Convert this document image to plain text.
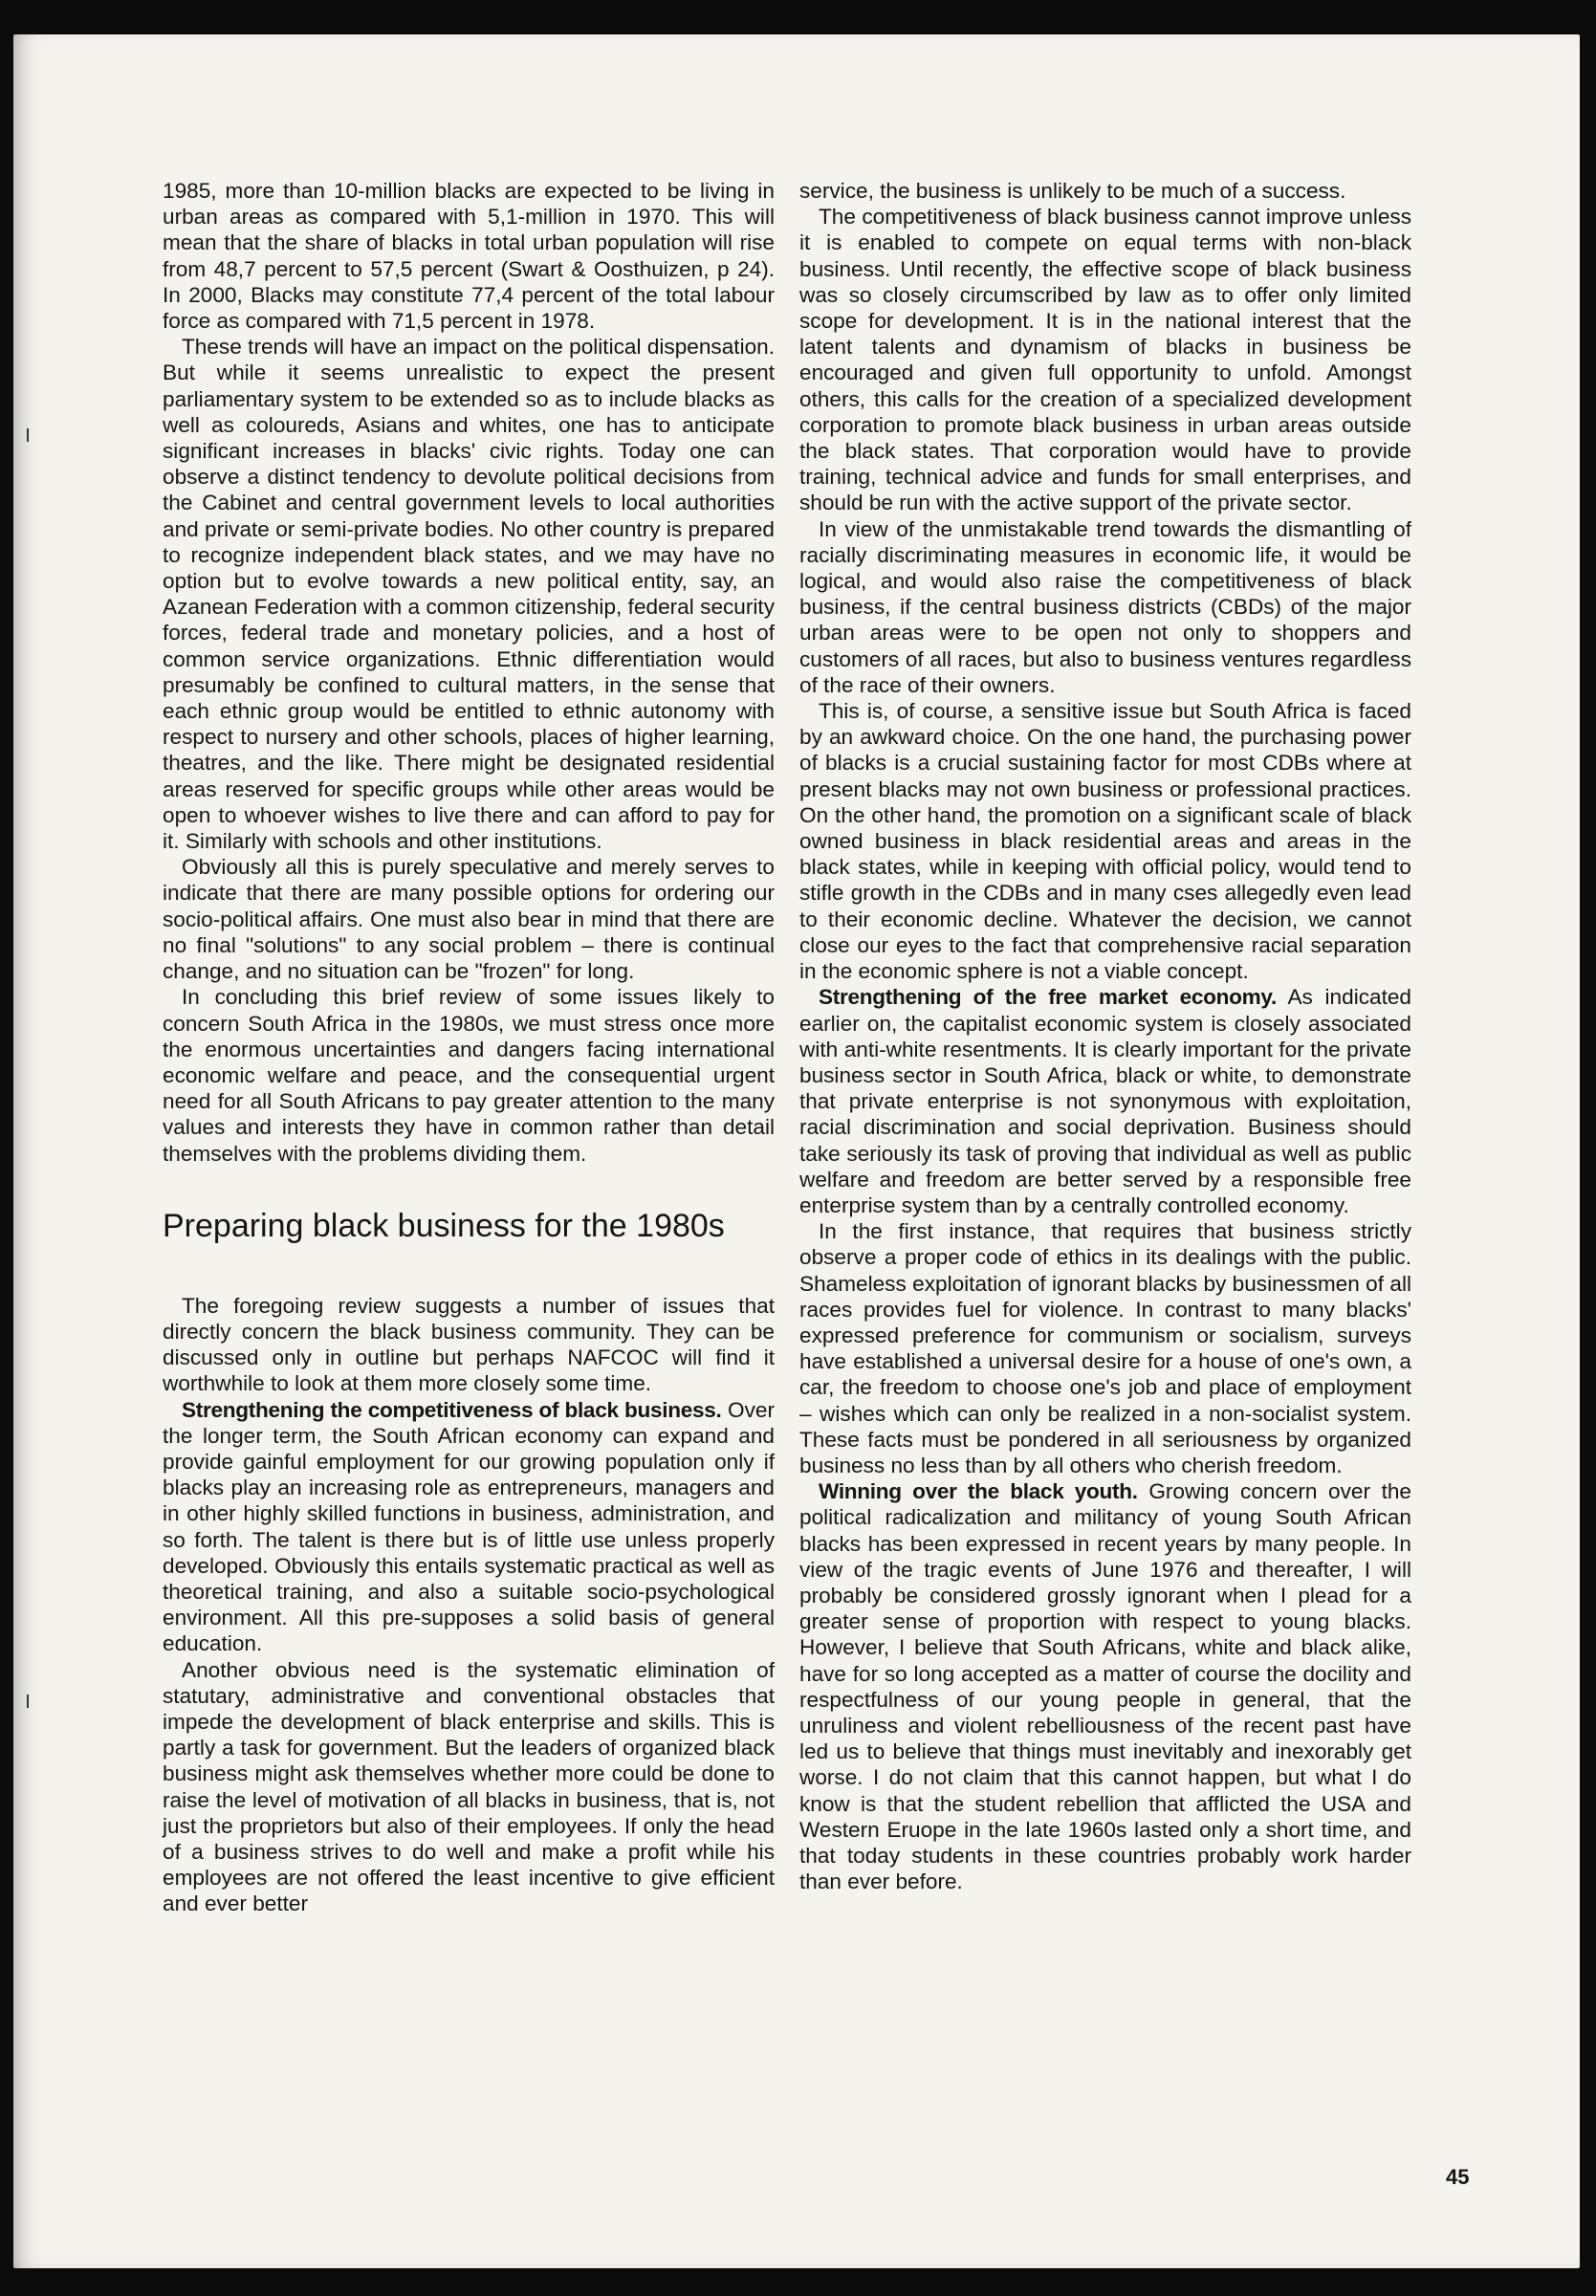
1985, more than 10-million blacks are expected to be living in urban areas as compared with 5,1-million in 1970. This will mean that the share of blacks in total urban population will rise from 48,7 percent to 57,5 percent (Swart & Oosthuizen, p 24). In 2000, Blacks may constitute 77,4 percent of the total labour force as compared with 71,5 percent in 1978.

These trends will have an impact on the political dispensation. But while it seems unrealistic to expect the present parliamentary system to be extended so as to include blacks as well as coloureds, Asians and whites, one has to anticipate significant increases in blacks' civic rights. Today one can observe a distinct tendency to devolute political decisions from the Cabinet and central government levels to local authorities and private or semi-private bodies. No other country is prepared to recognize independent black states, and we may have no option but to evolve towards a new political entity, say, an Azanean Federation with a common citizenship, federal security forces, federal trade and monetary policies, and a host of common service organizations. Ethnic differentiation would presumably be confined to cultural matters, in the sense that each ethnic group would be entitled to ethnic autonomy with respect to nursery and other schools, places of higher learning, theatres, and the like. There might be designated residential areas reserved for specific groups while other areas would be open to whoever wishes to live there and can afford to pay for it. Similarly with schools and other institutions.

Obviously all this is purely speculative and merely serves to indicate that there are many possible options for ordering our socio-political affairs. One must also bear in mind that there are no final "solutions" to any social problem – there is continual change, and no situation can be "frozen" for long.

In concluding this brief review of some issues likely to concern South Africa in the 1980s, we must stress once more the enormous uncertainties and dangers facing international economic welfare and peace, and the consequential urgent need for all South Africans to pay greater attention to the many values and interests they have in common rather than detail themselves with the problems dividing them.

Preparing black business for the 1980s

The foregoing review suggests a number of issues that directly concern the black business community. They can be discussed only in outline but perhaps NAFCOC will find it worthwhile to look at them more closely some time.

Strengthening the competitiveness of black business. Over the longer term, the South African economy can expand and provide gainful employment for our growing population only if blacks play an increasing role as entrepreneurs, managers and in other highly skilled functions in business, administration, and so forth. The talent is there but is of little use unless properly developed. Obviously this entails systematic practical as well as theoretical training, and also a suitable socio-psychological environment. All this pre-supposes a solid basis of general education.

Another obvious need is the systematic elimination of statutary, administrative and conventional obstacles that impede the development of black enterprise and skills. This is partly a task for government. But the leaders of organized black business might ask themselves whether more could be done to raise the level of motivation of all blacks in business, that is, not just the proprietors but also of their employees. If only the head of a business strives to do well and make a profit while his employees are not offered the least incentive to give efficient and ever better

service, the business is unlikely to be much of a success.

The competitiveness of black business cannot improve unless it is enabled to compete on equal terms with non-black business. Until recently, the effective scope of black business was so closely circumscribed by law as to offer only limited scope for development. It is in the national interest that the latent talents and dynamism of blacks in business be encouraged and given full opportunity to unfold. Amongst others, this calls for the creation of a specialized development corporation to promote black business in urban areas outside the black states. That corporation would have to provide training, technical advice and funds for small enterprises, and should be run with the active support of the private sector.

In view of the unmistakable trend towards the dismantling of racially discriminating measures in economic life, it would be logical, and would also raise the competitiveness of black business, if the central business districts (CBDs) of the major urban areas were to be open not only to shoppers and customers of all races, but also to business ventures regardless of the race of their owners.

This is, of course, a sensitive issue but South Africa is faced by an awkward choice. On the one hand, the purchasing power of blacks is a crucial sustaining factor for most CDBs where at present blacks may not own business or professional practices. On the other hand, the promotion on a significant scale of black owned business in black residential areas and areas in the black states, while in keeping with official policy, would tend to stifle growth in the CDBs and in many cses allegedly even lead to their economic decline. Whatever the decision, we cannot close our eyes to the fact that comprehensive racial separation in the economic sphere is not a viable concept.

Strengthening of the free market economy. As indicated earlier on, the capitalist economic system is closely associated with anti-white resentments. It is clearly important for the private business sector in South Africa, black or white, to demonstrate that private enterprise is not synonymous with exploitation, racial discrimination and social deprivation. Business should take seriously its task of proving that individual as well as public welfare and freedom are better served by a responsible free enterprise system than by a centrally controlled economy.

In the first instance, that requires that business strictly observe a proper code of ethics in its dealings with the public. Shameless exploitation of ignorant blacks by businessmen of all races provides fuel for violence. In contrast to many blacks' expressed preference for communism or socialism, surveys have established a universal desire for a house of one's own, a car, the freedom to choose one's job and place of employment – wishes which can only be realized in a non-socialist system. These facts must be pondered in all seriousness by organized business no less than by all others who cherish freedom.

Winning over the black youth. Growing concern over the political radicalization and militancy of young South African blacks has been expressed in recent years by many people. In view of the tragic events of June 1976 and thereafter, I will probably be considered grossly ignorant when I plead for a greater sense of proportion with respect to young blacks. However, I believe that South Africans, white and black alike, have for so long accepted as a matter of course the docility and respectfulness of our young people in general, that the unruliness and violent rebelliousness of the recent past have led us to believe that things must inevitably and inexorably get worse. I do not claim that this cannot happen, but what I do know is that the student rebellion that afflicted the USA and Western Eruope in the late 1960s lasted only a short time, and that today students in these countries probably work harder than ever before.

45
